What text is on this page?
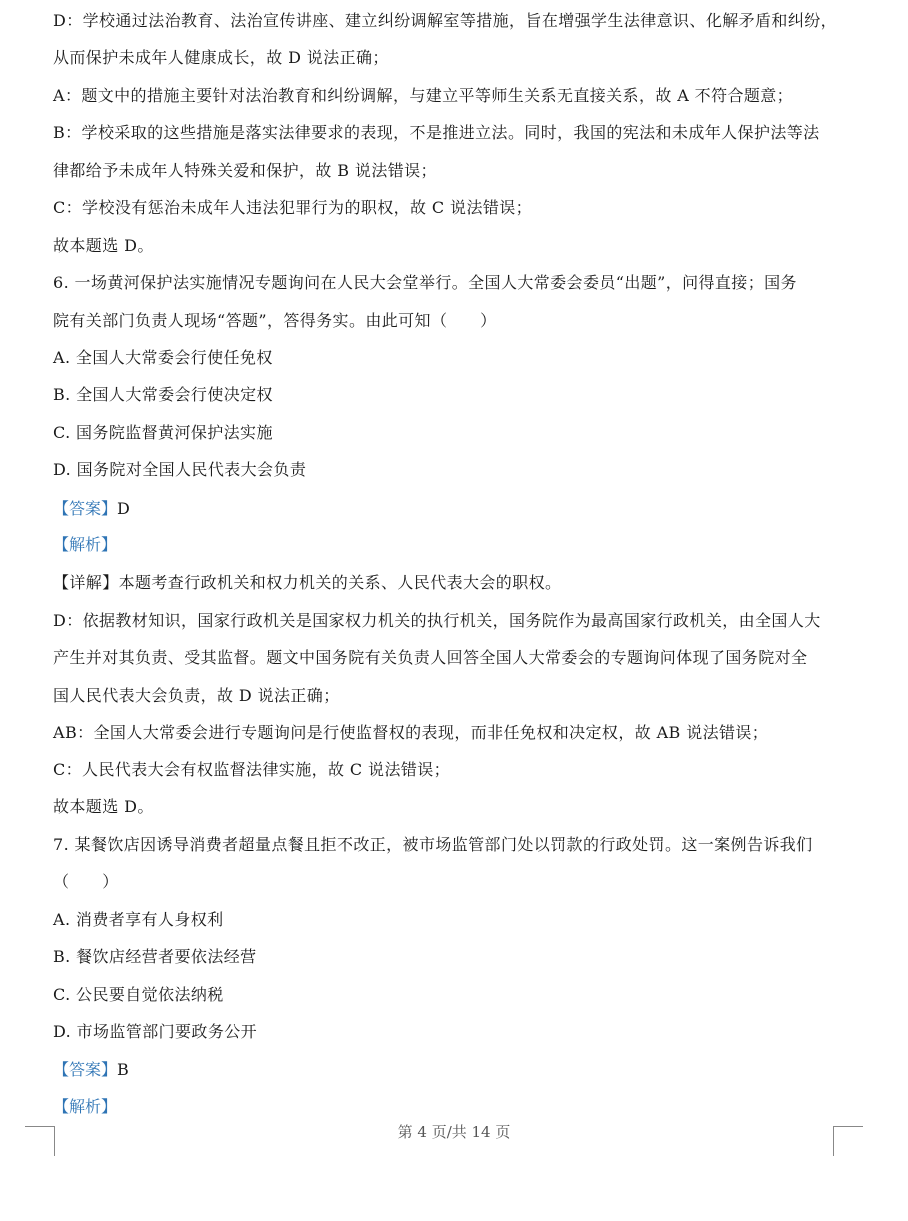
D：学校通过法治教育、法治宣传讲座、建立纠纷调解室等措施，旨在增强学生法律意识、化解矛盾和纠纷，
从而保护未成年人健康成长，故 D 说法正确；
A：题文中的措施主要针对法治教育和纠纷调解，与建立平等师生关系无直接关系，故 A 不符合题意；
B：学校采取的这些措施是落实法律要求的表现，不是推进立法。同时，我国的宪法和未成年人保护法等法
律都给予未成年人特殊关爱和保护，故 B 说法错误；
C：学校没有惩治未成年人违法犯罪行为的职权，故 C 说法错误；
故本题选 D。
6. 一场黄河保护法实施情况专题询问在人民大会堂举行。全国人大常委会委员“出题”，问得直接；国务
院有关部门负责人现场“答题”，答得务实。由此可知（　　）
A. 全国人大常委会行使任免权
B. 全国人大常委会行使决定权
C. 国务院监督黄河保护法实施
D. 国务院对全国人民代表大会负责
【答案】D
【解析】
【详解】本题考查行政机关和权力机关的关系、人民代表大会的职权。
D：依据教材知识，国家行政机关是国家权力机关的执行机关，国务院作为最高国家行政机关，由全国人大
产生并对其负责、受其监督。题文中国务院有关负责人回答全国人大常委会的专题询问体现了国务院对全
国人民代表大会负责，故 D 说法正确；
AB：全国人大常委会进行专题询问是行使监督权的表现，而非任免权和决定权，故 AB 说法错误；
C：人民代表大会有权监督法律实施，故 C 说法错误；
故本题选 D。
7. 某餐饮店因诱导消费者超量点餐且拒不改正，被市场监管部门处以罚款的行政处罚。这一案例告诉我们
（　　）
A. 消费者享有人身权利
B. 餐饮店经营者要依法经营
C. 公民要自觉依法纳税
D. 市场监管部门要政务公开
【答案】B
【解析】
第 4 页/共 14 页
